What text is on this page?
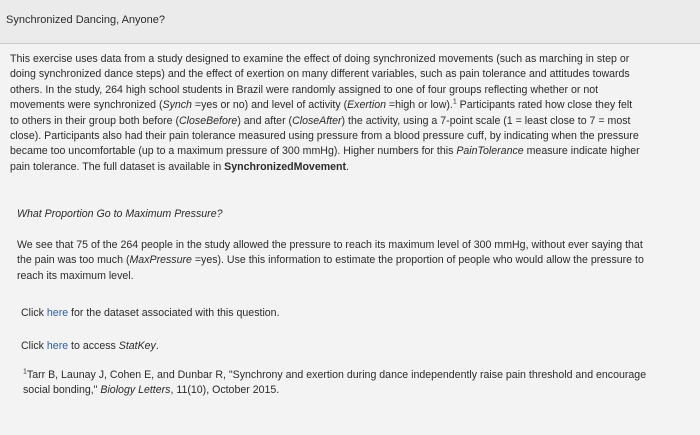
Synchronized Dancing, Anyone?

This exercise uses data from a study designed to examine the effect of doing synchronized movements (such as marching in step or
doing synchronized dance steps) and the effect of exertion on many different variables, such as pain tolerance and attitudes towards
others. In the study, 264 high school students in Brazil were randomly assigned to one of four groups reflecting whether or not
movements were synchronized (Synch =yes or no) and level of activity (Exertion =high or low).$^1$ Participants rated how close they felt
to others in their group both before (CloseBefore) and after (CloseAfter) the activity, using a 7-point scale (1 = least close to 7 = most
close). Participants also had their pain tolerance measured using pressure from a blood pressure cuff, by indicating when the pressure
became too uncomfortable (up to a maximum pressure of 300 mmHg). Higher numbers for this PainTolerance measure indicate higher
pain tolerance. The full dataset is available in SynchronizedMovement.

What Proportion Go to Maximum Pressure?

We see that 75 of the 264 people in the study allowed the pressure to reach its maximum level of 300 mmHg, without ever saying that
the pain was too much (MaxPressure =yes). Use this information to estimate the proportion of people who would allow the pressure to
reach its maximum level.

Click here for the dataset associated with this question.

Click here to access StatKey.

$^1$Tarr B, Launay J, Cohen E, and Dunbar R, "Synchrony and exertion during dance independently raise pain threshold and encourage
social bonding," Biology Letters, 11(10), October 2015.
